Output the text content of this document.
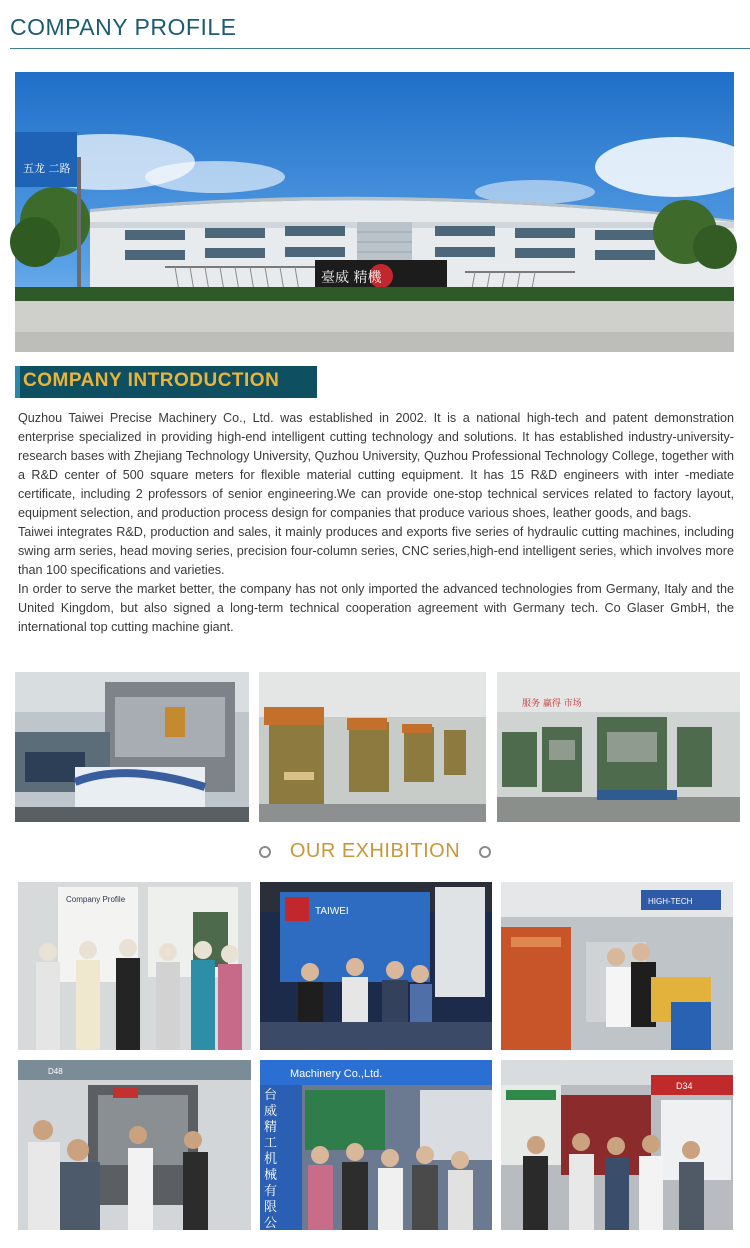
COMPANY PROFILE
五龙 二路
臺威 精機
COMPANY INTRODUCTION

Quzhou Taiwei Precise Machinery Co., Ltd. was established in 2002. It is a national high-tech and patent demonstration enterprise specialized in providing high-end intelligent cutting technology and solutions. It has established industry-university-research bases with Zhejiang Technology University, Quzhou University, Quzhou Professional Technology College, together with a R&D center of 500 square meters for flexible material cutting equipment. It has 15 R&D engineers with inter -mediate certificate, including 2 professors of senior engineering.We can provide one-stop technical services related to factory layout, equipment selection, and production process design for companies that produce various shoes, leather goods, and bags.

Taiwei integrates R&D, production and sales, it mainly produces and exports five series of hydraulic cutting machines, including swing arm series, head moving series, precision four-column series, CNC series,high-end intelligent series, which involves more than 100 specifications and varieties.

In order to serve the market better, the company has not only imported the advanced technologies from Germany, Italy and the United Kingdom, but also signed a long-term technical cooperation agreement with Germany tech. Co Glaser GmbH, the international top cutting machine giant.

服务 赢得 市场
OUR EXHIBITION
Company Profile
TAIWEI
HIGH-TECH
D48	Machinery Co.,Ltd.
台威精工机械有限公司
D34
